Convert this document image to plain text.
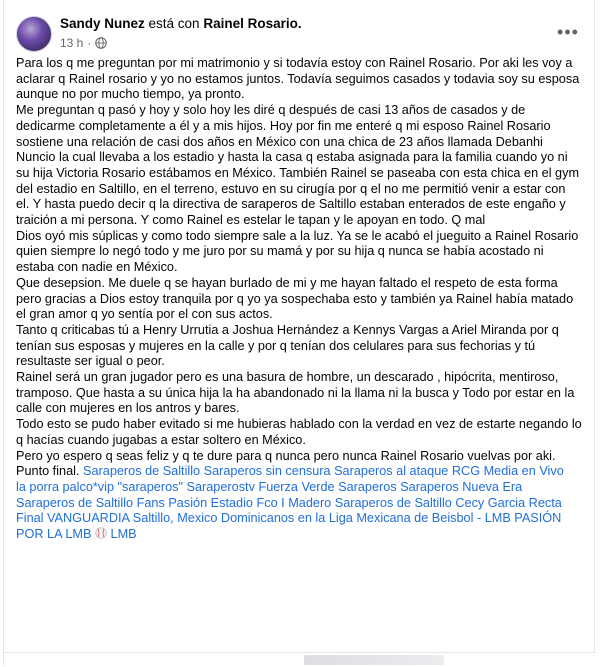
Sandy Nunez está con Rainel Rosario.
13 h ·
•••

Para los q me preguntan por mi matrimonio y si todavía estoy con Rainel Rosario. Por aki les voy a aclarar q Rainel rosario y yo no estamos juntos. Todavía seguimos casados y todavia soy su esposa aunque no por mucho tiempo, ya pronto.

Me preguntan q pasó y hoy y solo hoy les diré q después de casi 13 años de casados y de dedicarme completamente a él y a mis hijos. Hoy por fin me enteré q mi esposo Rainel Rosario sostiene una relación de casi dos años en México con una chica de 23 años llamada Debanhi Nuncio la cual llevaba a los estadio y hasta la casa q estaba asignada para la familia cuando yo ni su hija Victoria Rosario estábamos en México. También Rainel se paseaba con esta chica en el gym del estadio en Saltillo, en el terreno, estuvo en su cirugía por q el no me permitió venir a estar con el. Y hasta puedo decir q la directiva de saraperos de Saltillo estaban enterados de este engaño y traición a mi persona. Y como Rainel es estelar le tapan y le apoyan en todo. Q mal

Dios oyó mis súplicas y como todo siempre sale a la luz. Ya se le acabó el jueguito a Rainel Rosario quien siempre lo negó todo y me juro por su mamá y por su hija q nunca se había acostado ni estaba con nadie en México.

Que desepsion. Me duele q se hayan burlado de mi y me hayan faltado el respeto de esta forma pero gracias a Dios estoy tranquila por q yo ya sospechaba esto y también ya Rainel había matado el gran amor q yo sentía por el con sus actos.

Tanto q criticabas tú a Henry Urrutia a Joshua Hernández a Kennys Vargas a Ariel Miranda por q tenían sus esposas y mujeres en la calle y por q tenían dos celulares para sus fechorias y tú resultaste ser igual o peor.

Rainel será un gran jugador pero es una basura de hombre, un descarado , hipócrita, mentiroso, tramposo. Que hasta a su única hija la ha abandonado ni la llama ni la busca y Todo por estar en la calle con mujeres en los antros y bares.

Todo esto se pudo haber evitado si me hubieras hablado con la verdad en vez de estarte negando lo q hacías cuando jugabas a estar soltero en México.

Pero yo espero q seas feliz y q te dure para q nunca pero nunca Rainel Rosario vuelvas por aki.

Punto final. Saraperos de Saltillo Saraperos sin censura Saraperos al ataque RCG Media en Vivo

la porra palco*vip "saraperos" Saraperostv Fuerza Verde Saraperos Saraperos Nueva Era Saraperos de Saltillo Fans Pasión Estadio Fco I Madero Saraperos de Saltillo Cecy Garcia Recta Final VANGUARDIA Saltillo, Mexico Dominicanos en la Liga Mexicana de Beisbol - LMB PASIÓN POR LA LMB LMB
